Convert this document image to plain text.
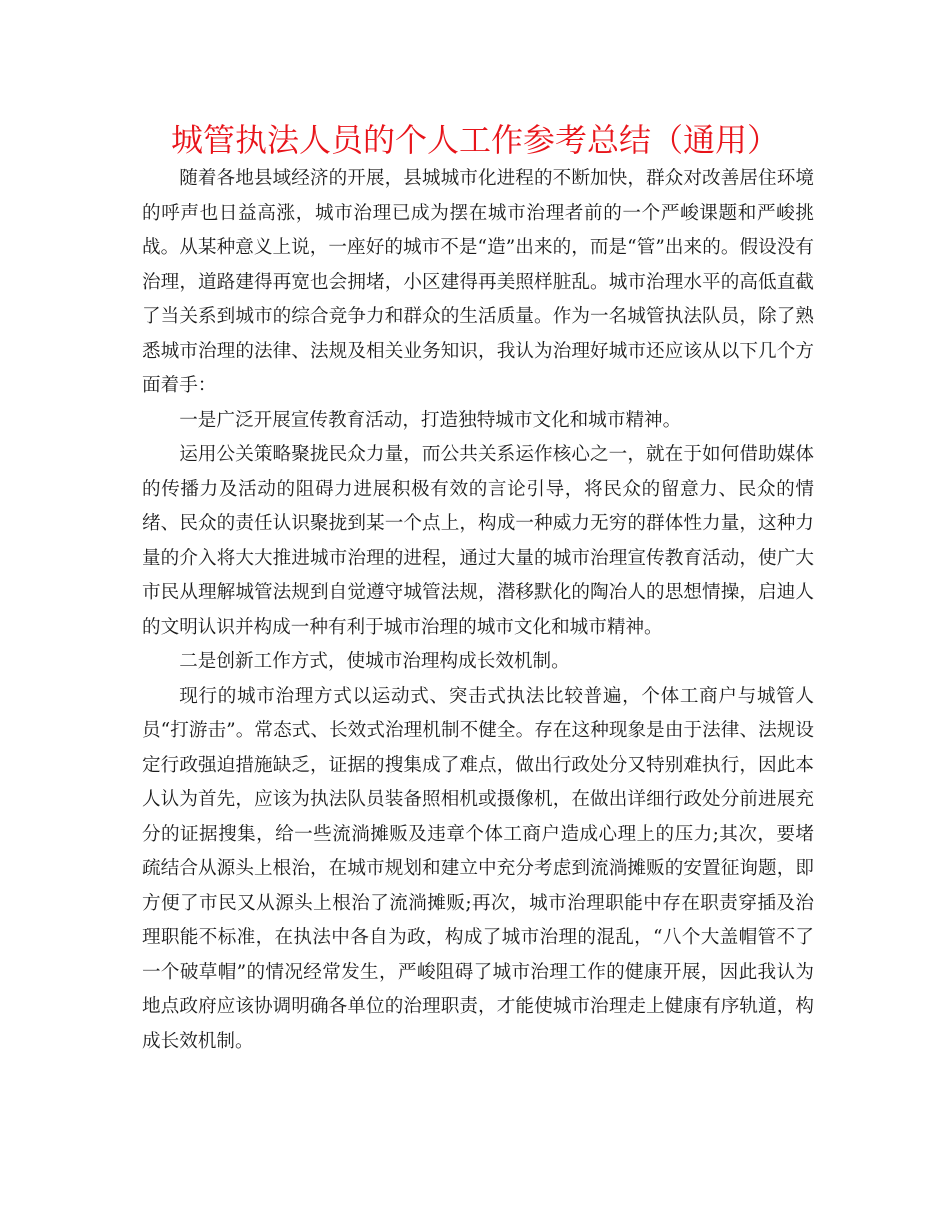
城管执法人员的个人工作参考总结（通用）

随着各地县域经济的开展，县城城市化进程的不断加快，群众对改善居住环境的呼声也日益高涨，城市治理已成为摆在城市治理者前的一个严峻课题和严峻挑战。从某种意义上说，一座好的城市不是“造”出来的，而是“管”出来的。假设没有治理，道路建得再宽也会拥堵，小区建得再美照样脏乱。城市治理水平的高低直截了当关系到城市的综合竞争力和群众的生活质量。作为一名城管执法队员，除了熟悉城市治理的法律、法规及相关业务知识，我认为治理好城市还应该从以下几个方面着手：

一是广泛开展宣传教育活动，打造独特城市文化和城市精神。

运用公关策略聚拢民众力量，而公共关系运作核心之一，就在于如何借助媒体的传播力及活动的阻碍力进展积极有效的言论引导，将民众的留意力、民众的情绪、民众的责任认识聚拢到某一个点上，构成一种威力无穷的群体性力量，这种力量的介入将大大推进城市治理的进程，通过大量的城市治理宣传教育活动，使广大市民从理解城管法规到自觉遵守城管法规，潜移默化的陶冶人的思想情操，启迪人的文明认识并构成一种有利于城市治理的城市文化和城市精神。

二是创新工作方式，使城市治理构成长效机制。

现行的城市治理方式以运动式、突击式执法比较普遍，个体工商户与城管人员“打游击”。常态式、长效式治理机制不健全。存在这种现象是由于法律、法规设定行政强迫措施缺乏，证据的搜集成了难点，做出行政处分又特别难执行，因此本人认为首先，应该为执法队员装备照相机或摄像机，在做出详细行政处分前进展充分的证据搜集，给一些流淌摊贩及违章个体工商户造成心理上的压力;其次，要堵疏结合从源头上根治，在城市规划和建立中充分考虑到流淌摊贩的安置征询题，即方便了市民又从源头上根治了流淌摊贩;再次，城市治理职能中存在职责穿插及治理职能不标准，在执法中各自为政，构成了城市治理的混乱，“八个大盖帽管不了一个破草帽”的情况经常发生，严峻阻碍了城市治理工作的健康开展，因此我认为地点政府应该协调明确各单位的治理职责，才能使城市治理走上健康有序轨道，构成长效机制。
